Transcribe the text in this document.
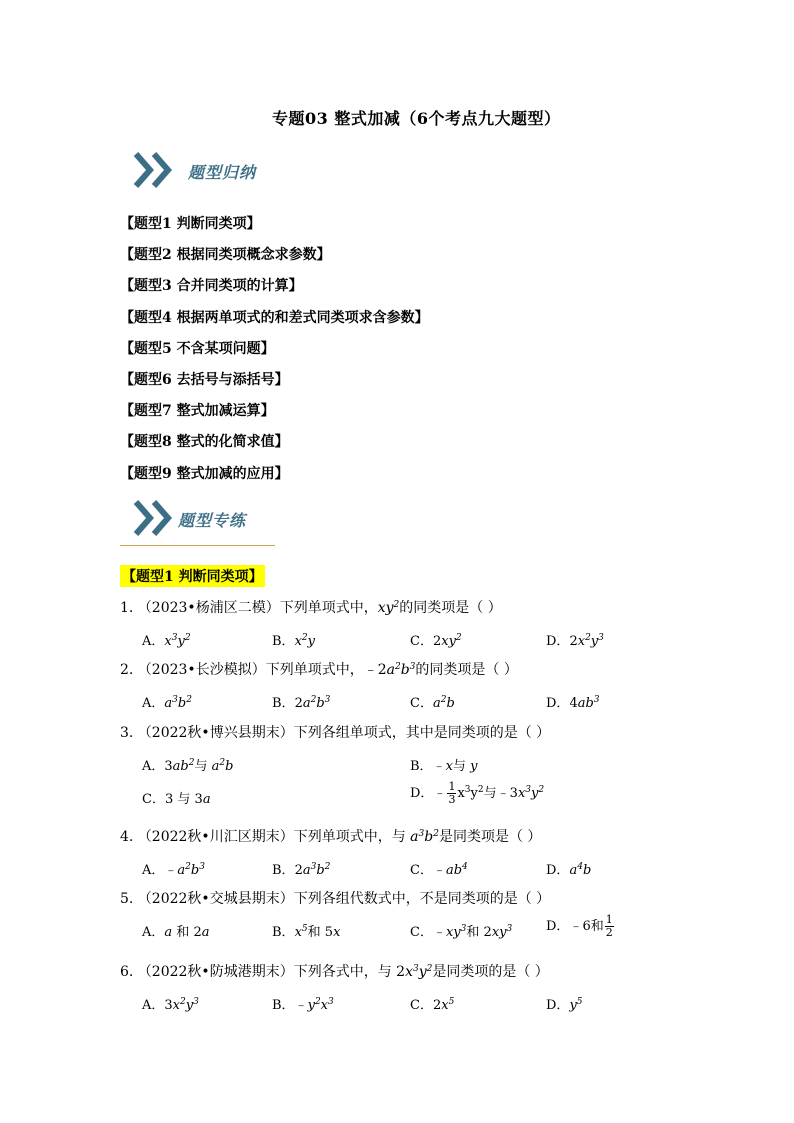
专题03 整式加减（6个考点九大题型）
题型归纳
【题型1 判断同类项】
【题型2 根据同类项概念求参数】
【题型3 合并同类项的计算】
【题型4 根据两单项式的和差式同类项求含参数】
【题型5 不含某项问题】
【题型6 去括号与添括号】
【题型7 整式加减运算】
【题型8 整式的化简求值】
【题型9 整式加减的应用】
题型专练
【题型1 判断同类项】
1. （2023•杨浦区二模）下列单项式中，$xy^2$的同类项是（ ）
A．$x^3y^2$	B．$x^2y$	C．$2xy^2$	D．$2x^2y^3$
2. （2023•长沙模拟）下列单项式中，$﹣2a^2b^3$的同类项是（ ）
A．$a^3b^2$	B．$2a^2b^3$	C．$a^2b$	D．$4ab^3$
3. （2022秋•博兴县期末）下列各组单项式，其中是同类项的是（ ）
A．$3ab^2$与 $a^2b$	B．﹣x与 y
C．3 与 3a	D．﹣ $\frac{1}{3} x^3y^2$与$﹣3x^3y^2$
4. （2022秋•川汇区期末）下列单项式中，与 $a^3b^2$是同类项是（ ）
A．$﹣a^2b^3$	B．$2a^3b^2$	C．$﹣ab^4$	D．$a^4b$
5. （2022秋•交城县期末）下列各组代数式中，不是同类项的是（ ）
A．a 和 2a	B．$x^5$和 5x	C．$﹣xy^3$和 $2xy^3$	D．﹣6和 $\frac{1}{2}$
6. （2022秋•防城港期末）下列各式中，与 $2x^3y^2$是同类项的是（ ）
A．$3x^2y^3$	B．$﹣y^2x^3$	C．$2x^5$	D．$y^5$
